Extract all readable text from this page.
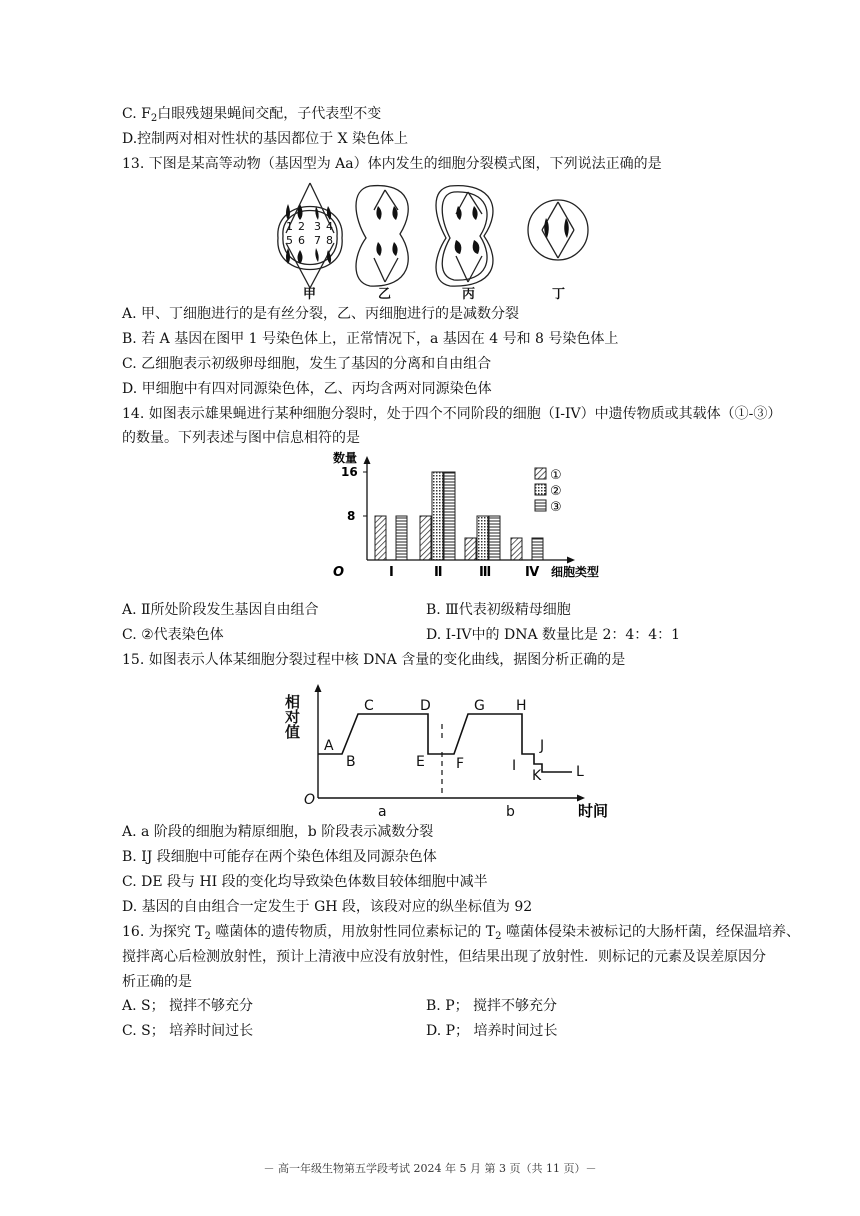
C. $F_2$白眼残翅果蝇间交配，子代表型不变
D.控制两对相对性状的基因都位于 X 染色体上
13. 下图是某高等动物（基因型为 Aa）体内发生的细胞分裂模式图，下列说法正确的是
1 2 3 4
5 6 7 8
甲	乙	丙	丁
A. 甲、丁细胞进行的是有丝分裂，乙、丙细胞进行的是减数分裂
B. 若 A 基因在图甲 1 号染色体上，正常情况下，a 基因在 4 号和 8 号染色体上
C. 乙细胞表示初级卵母细胞，发生了基因的分离和自由组合
D. 甲细胞中有四对同源染色体，乙、丙均含两对同源染色体
14. 如图表示雄果蝇进行某种细胞分裂时，处于四个不同阶段的细胞（I-IV）中遗传物质或其载体（①-③）
的数量。下列表述与图中信息相符的是
8
16
数量
O	细胞类型
Ⅰ	Ⅱ	Ⅲ	Ⅳ
①
②
③
A. Ⅱ所处阶段发生基因自由组合	B. Ⅲ代表初级精母细胞
C. ②代表染色体	D. I-IV中的 DNA 数量比是 2：4：4：1
15. 如图表示人体某细胞分裂过程中核 DNA 含量的变化曲线，据图分析正确的是
相对值
A
B
C	D
E F
G H
I
J
K L
a	b
O
时间
A. a 阶段的细胞为精原细胞，b 阶段表示减数分裂
B. IJ 段细胞中可能存在两个染色体组及同源杂色体
C. DE 段与 HI 段的变化均导致染色体数目较体细胞中减半
D. 基因的自由组合一定发生于 GH 段，该段对应的纵坐标值为 92
16. 为探究 $T_2$ 噬菌体的遗传物质，用放射性同位素标记的 $T_2$ 噬菌体侵染未被标记的大肠杆菌，经保温培养、
搅拌离心后检测放射性，预计上清液中应没有放射性，但结果出现了放射性．则标记的元素及误差原因分
析正确的是
A. S； 搅拌不够充分	B. P； 搅拌不够充分
C. S； 培养时间过长	D. P； 培养时间过长
－ 高一年级生物第五学段考试 2024 年 5 月 第 3 页（共 11 页）－
